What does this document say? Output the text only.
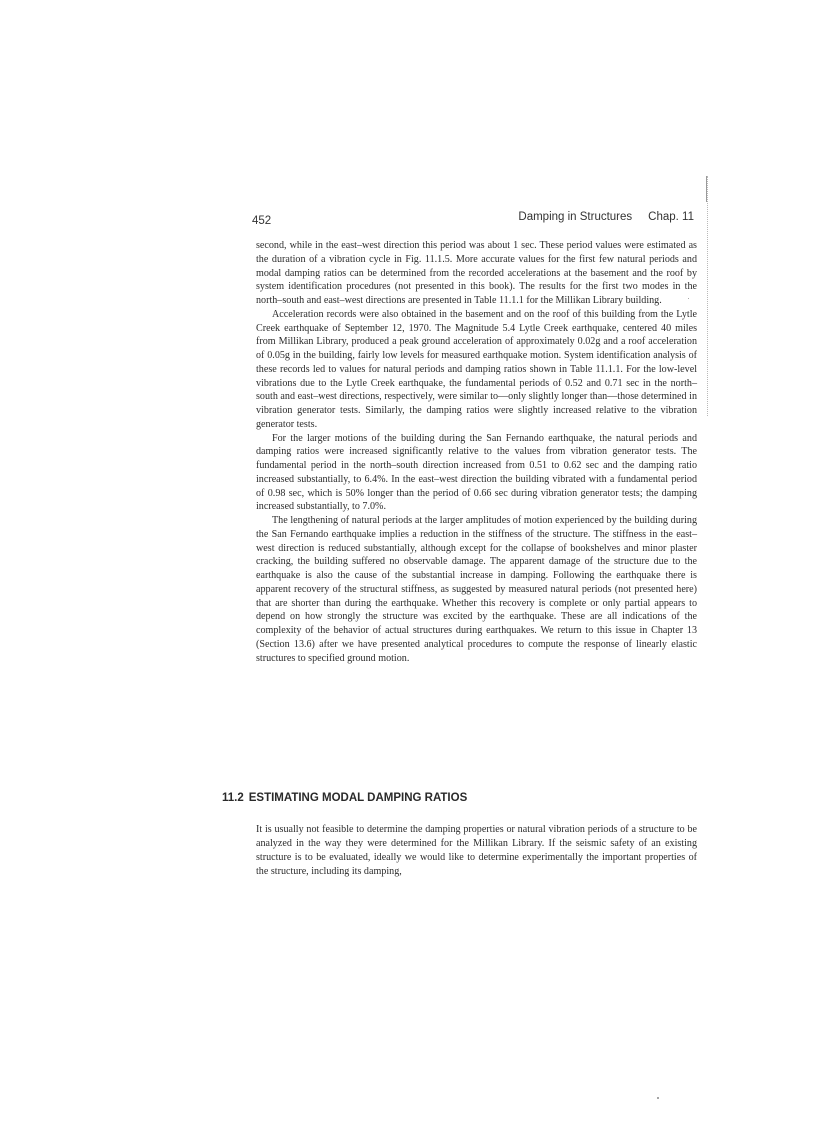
452	Damping in Structures Chap. 11

second, while in the east–west direction this period was about 1 sec. These period values were estimated as the duration of a vibration cycle in Fig. 11.1.5. More accurate values for the first few natural periods and modal damping ratios can be determined from the recorded accelerations at the basement and the roof by system identification procedures (not presented in this book). The results for the first two modes in the north–south and east–west directions are presented in Table 11.1.1 for the Millikan Library building.

Acceleration records were also obtained in the basement and on the roof of this building from the Lytle Creek earthquake of September 12, 1970. The Magnitude 5.4 Lytle Creek earthquake, centered 40 miles from Millikan Library, produced a peak ground acceleration of approximately 0.02g and a roof acceleration of 0.05g in the building, fairly low levels for measured earthquake motion. System identification analysis of these records led to values for natural periods and damping ratios shown in Table 11.1.1. For the low-level vibrations due to the Lytle Creek earthquake, the fundamental periods of 0.52 and 0.71 sec in the north–south and east–west directions, respectively, were similar to—only slightly longer than—those determined in vibration generator tests. Similarly, the damping ratios were slightly increased relative to the vibration generator tests.

For the larger motions of the building during the San Fernando earthquake, the natural periods and damping ratios were increased significantly relative to the values from vibration generator tests. The fundamental period in the north–south direction increased from 0.51 to 0.62 sec and the damping ratio increased substantially, to 6.4%. In the east–west direction the building vibrated with a fundamental period of 0.98 sec, which is 50% longer than the period of 0.66 sec during vibration generator tests; the damping increased substantially, to 7.0%.

The lengthening of natural periods at the larger amplitudes of motion experienced by the building during the San Fernando earthquake implies a reduction in the stiffness of the structure. The stiffness in the east–west direction is reduced substantially, although except for the collapse of bookshelves and minor plaster cracking, the building suffered no observable damage. The apparent damage of the structure due to the earthquake is also the cause of the substantial increase in damping. Following the earthquake there is apparent recovery of the structural stiffness, as suggested by measured natural periods (not presented here) that are shorter than during the earthquake. Whether this recovery is complete or only partial appears to depend on how strongly the structure was excited by the earthquake. These are all indications of the complexity of the behavior of actual structures during earthquakes. We return to this issue in Chapter 13 (Section 13.6) after we have presented analytical procedures to compute the response of linearly elastic structures to specified ground motion.

11.2 ESTIMATING MODAL DAMPING RATIOS

It is usually not feasible to determine the damping properties or natural vibration periods of a structure to be analyzed in the way they were determined for the Millikan Library. If the seismic safety of an existing structure is to be evaluated, ideally we would like to determine experimentally the important properties of the structure, including its damping,
